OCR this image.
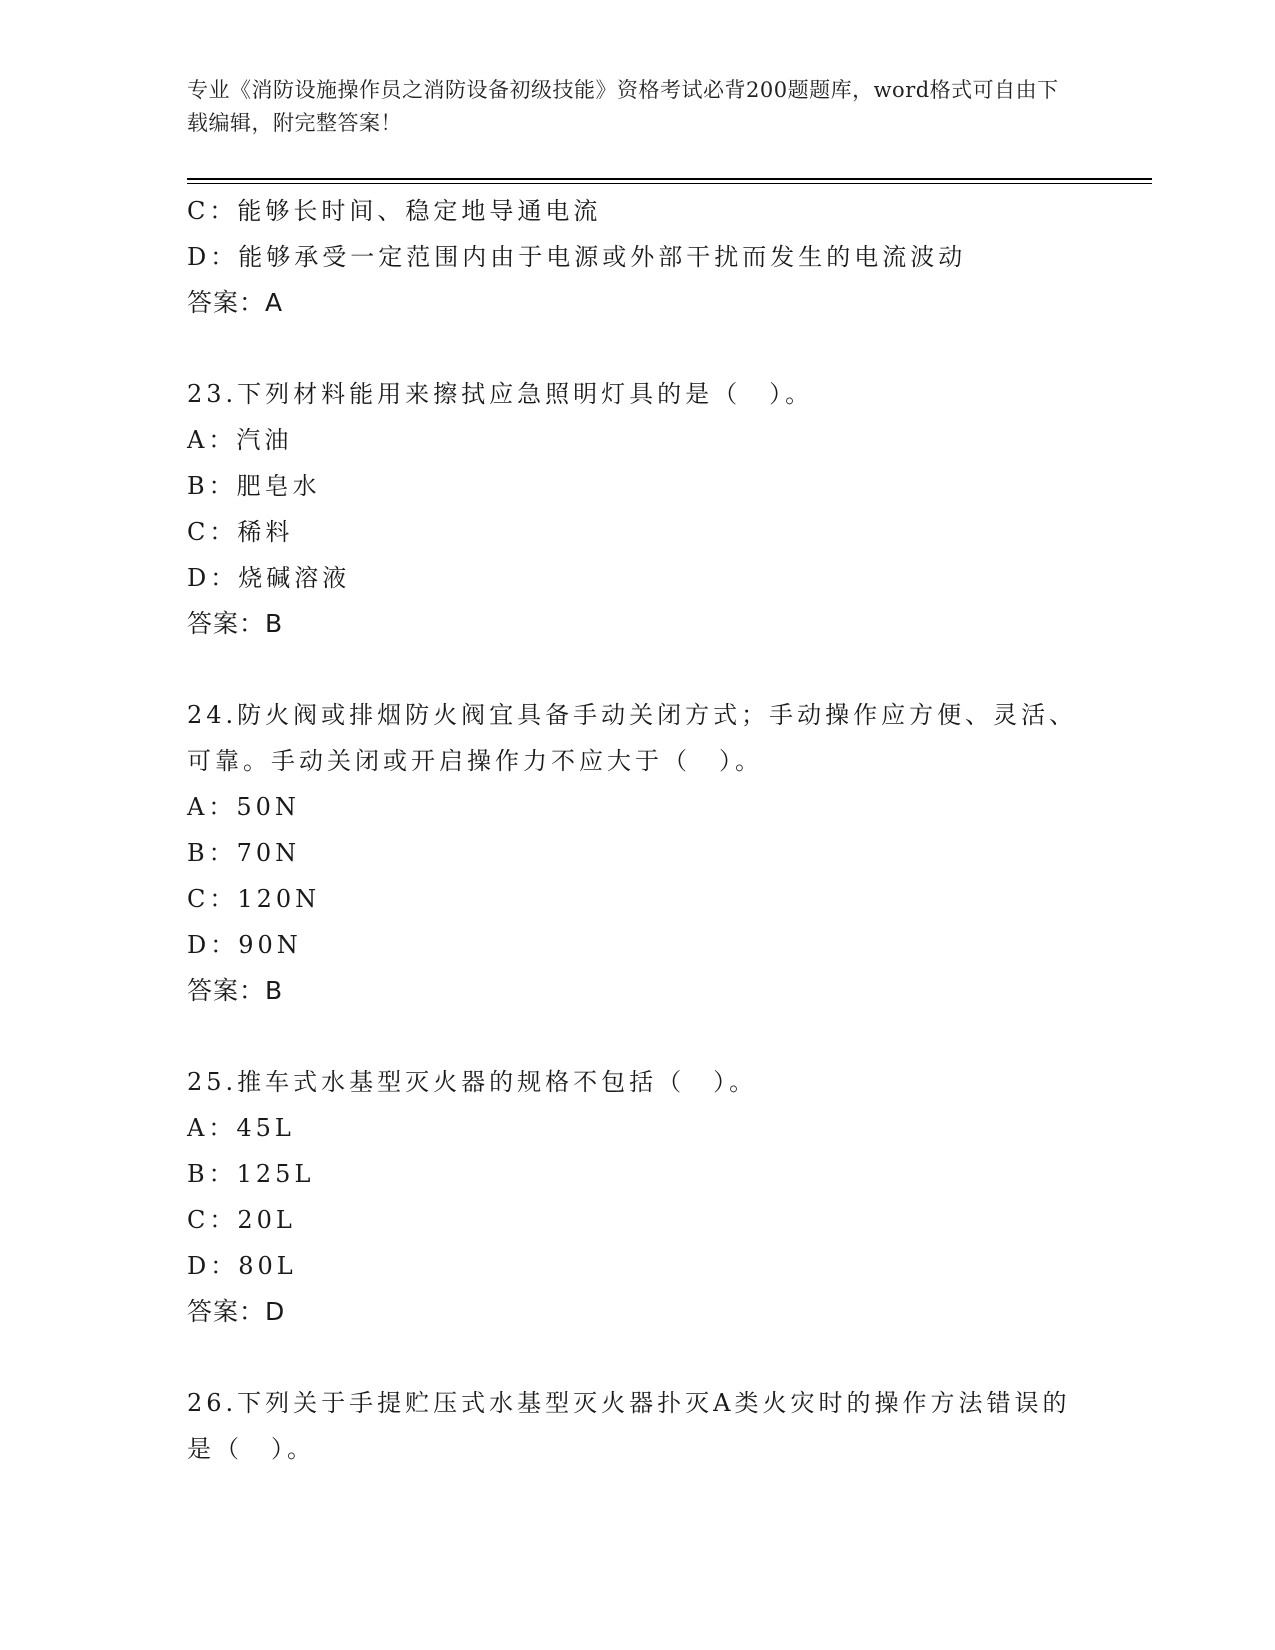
专业《消防设施操作员之消防设备初级技能》资格考试必背200题题库，word格式可自由下载编辑，附完整答案！
C：能够长时间、稳定地导通电流
D：能够承受一定范围内由于电源或外部干扰而发生的电流波动
答案：A
23.下列材料能用来擦拭应急照明灯具的是（　）。
A：汽油
B：肥皂水
C：稀料
D：烧碱溶液
答案：B
24.防火阀或排烟防火阀宜具备手动关闭方式；手动操作应方便、灵活、可靠。手动关闭或开启操作力不应大于（　）。
A：50N
B：70N
C：120N
D：90N
答案：B
25.推车式水基型灭火器的规格不包括（　）。
A：45L
B：125L
C：20L
D：80L
答案：D
26.下列关于手提贮压式水基型灭火器扑灭A类火灾时的操作方法错误的是（　）。
